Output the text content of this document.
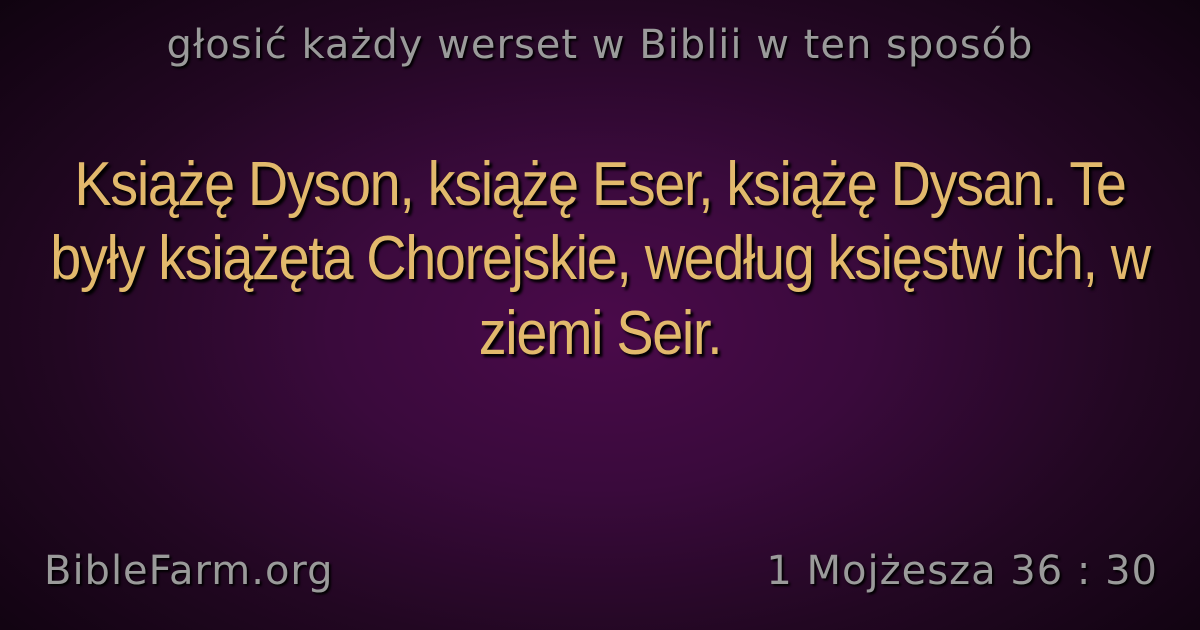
głosić każdy werset w Biblii w ten sposób
Książę Dyson, książę Eser, książę Dysan. Te były książęta Chorejskie, według księstw ich, w ziemi Seir.
BibleFarm.org	1 Mojżesza 36 : 30
